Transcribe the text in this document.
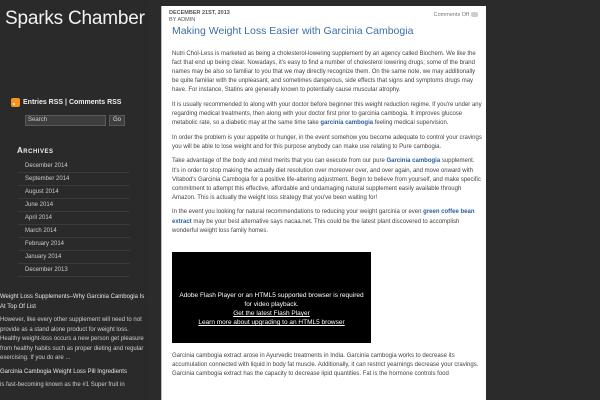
Sparks Chamber
Entries RSS | Comments RSS
Search	Go
Archives
December 2014
September 2014
August 2014
June 2014
April 2014
March 2014
February 2014
January 2014
December 2013

Weight Loss Supplements–Why Garcinia Cambogia Is At Top Of List

However, like every other supplement will need to not provide as a stand alone product for weight loss. Healthy weight-loss occurs a new person get pleasure from healthy habits such as proper dieting and regular exercising. If you do are ...

Garcinia Cambogia Weight Loss Pill Ingredients

is fast-becoming known as the #1 Super fruit in

DECEMBER 21ST, 2013
BY ADMIN
Comments Off
Making Weight Loss Easier with Garcinia Cambogia

Nutri Chol-Less is marketed as being a cholesterol-lowering supplement by an agency called Biochem. We like the fact that end up being clear. Nowadays, it's easy to find a number of cholesterol lowering drugs; some of the brand names may be also so familiar to you that we may directly recognize them. On the same note, we may additionally be quite familiar with the unpleasant, and sometimes dangerous, side effects that signs and symptoms drugs may have. For instance, Statins are generally known to potentially cause muscular atrophy.

It is usually recommended to along with your doctor before beginner this weight reduction regime. If you're under any regarding medical treatments, then along with your doctor first prior to garcinia cambogia. It improves glucose metabolic rate, so a diabetic may at the same time take garcinia cambogia feeling medical supervision.

In order the problem is your appetite or hunger, in the event somehow you become adequate to control your cravings you will be able to lose weight and for this purpose anybody can make use relating to Pure cambogia.

Take advantage of the body and mind merits that you can execute from our pure Garcinia cambogia supplement. It's in order to stop making the actually diet resolution over moreover over, and over again, and move onward with Vitabod's Garcinia Cambogia for a positive life-altering adjustment. Begin to believe from yourself, and make specific commitment to attempt this effective, affordable and undamaging natural supplement easily available through Amazon. This is actually the weight loss strategy that you've been waiting for!

In the event you looking for natural recommendations to reducing your weight garcinia or even green coffee bean extract may be your best alternative says nacaa.net. This could be the latest plant discovered to accomplish wonderful weight loss family homes.

Adobe Flash Player or an HTML5 supported browser is required
for video playback.
Get the latest Flash Player
Learn more about upgrading to an HTML5 browser

Garcinia cambogia extract arose in Ayurvedic treatments in India. Garcinia cambogia works to decrease its accumulation connected with liquid in body fat muscle. Additionally, it can restrict yearnings decrease your cravings. Garcinia cambogia extract has the capacity to decrease lipid quantities. Fat is the hormone controls food
